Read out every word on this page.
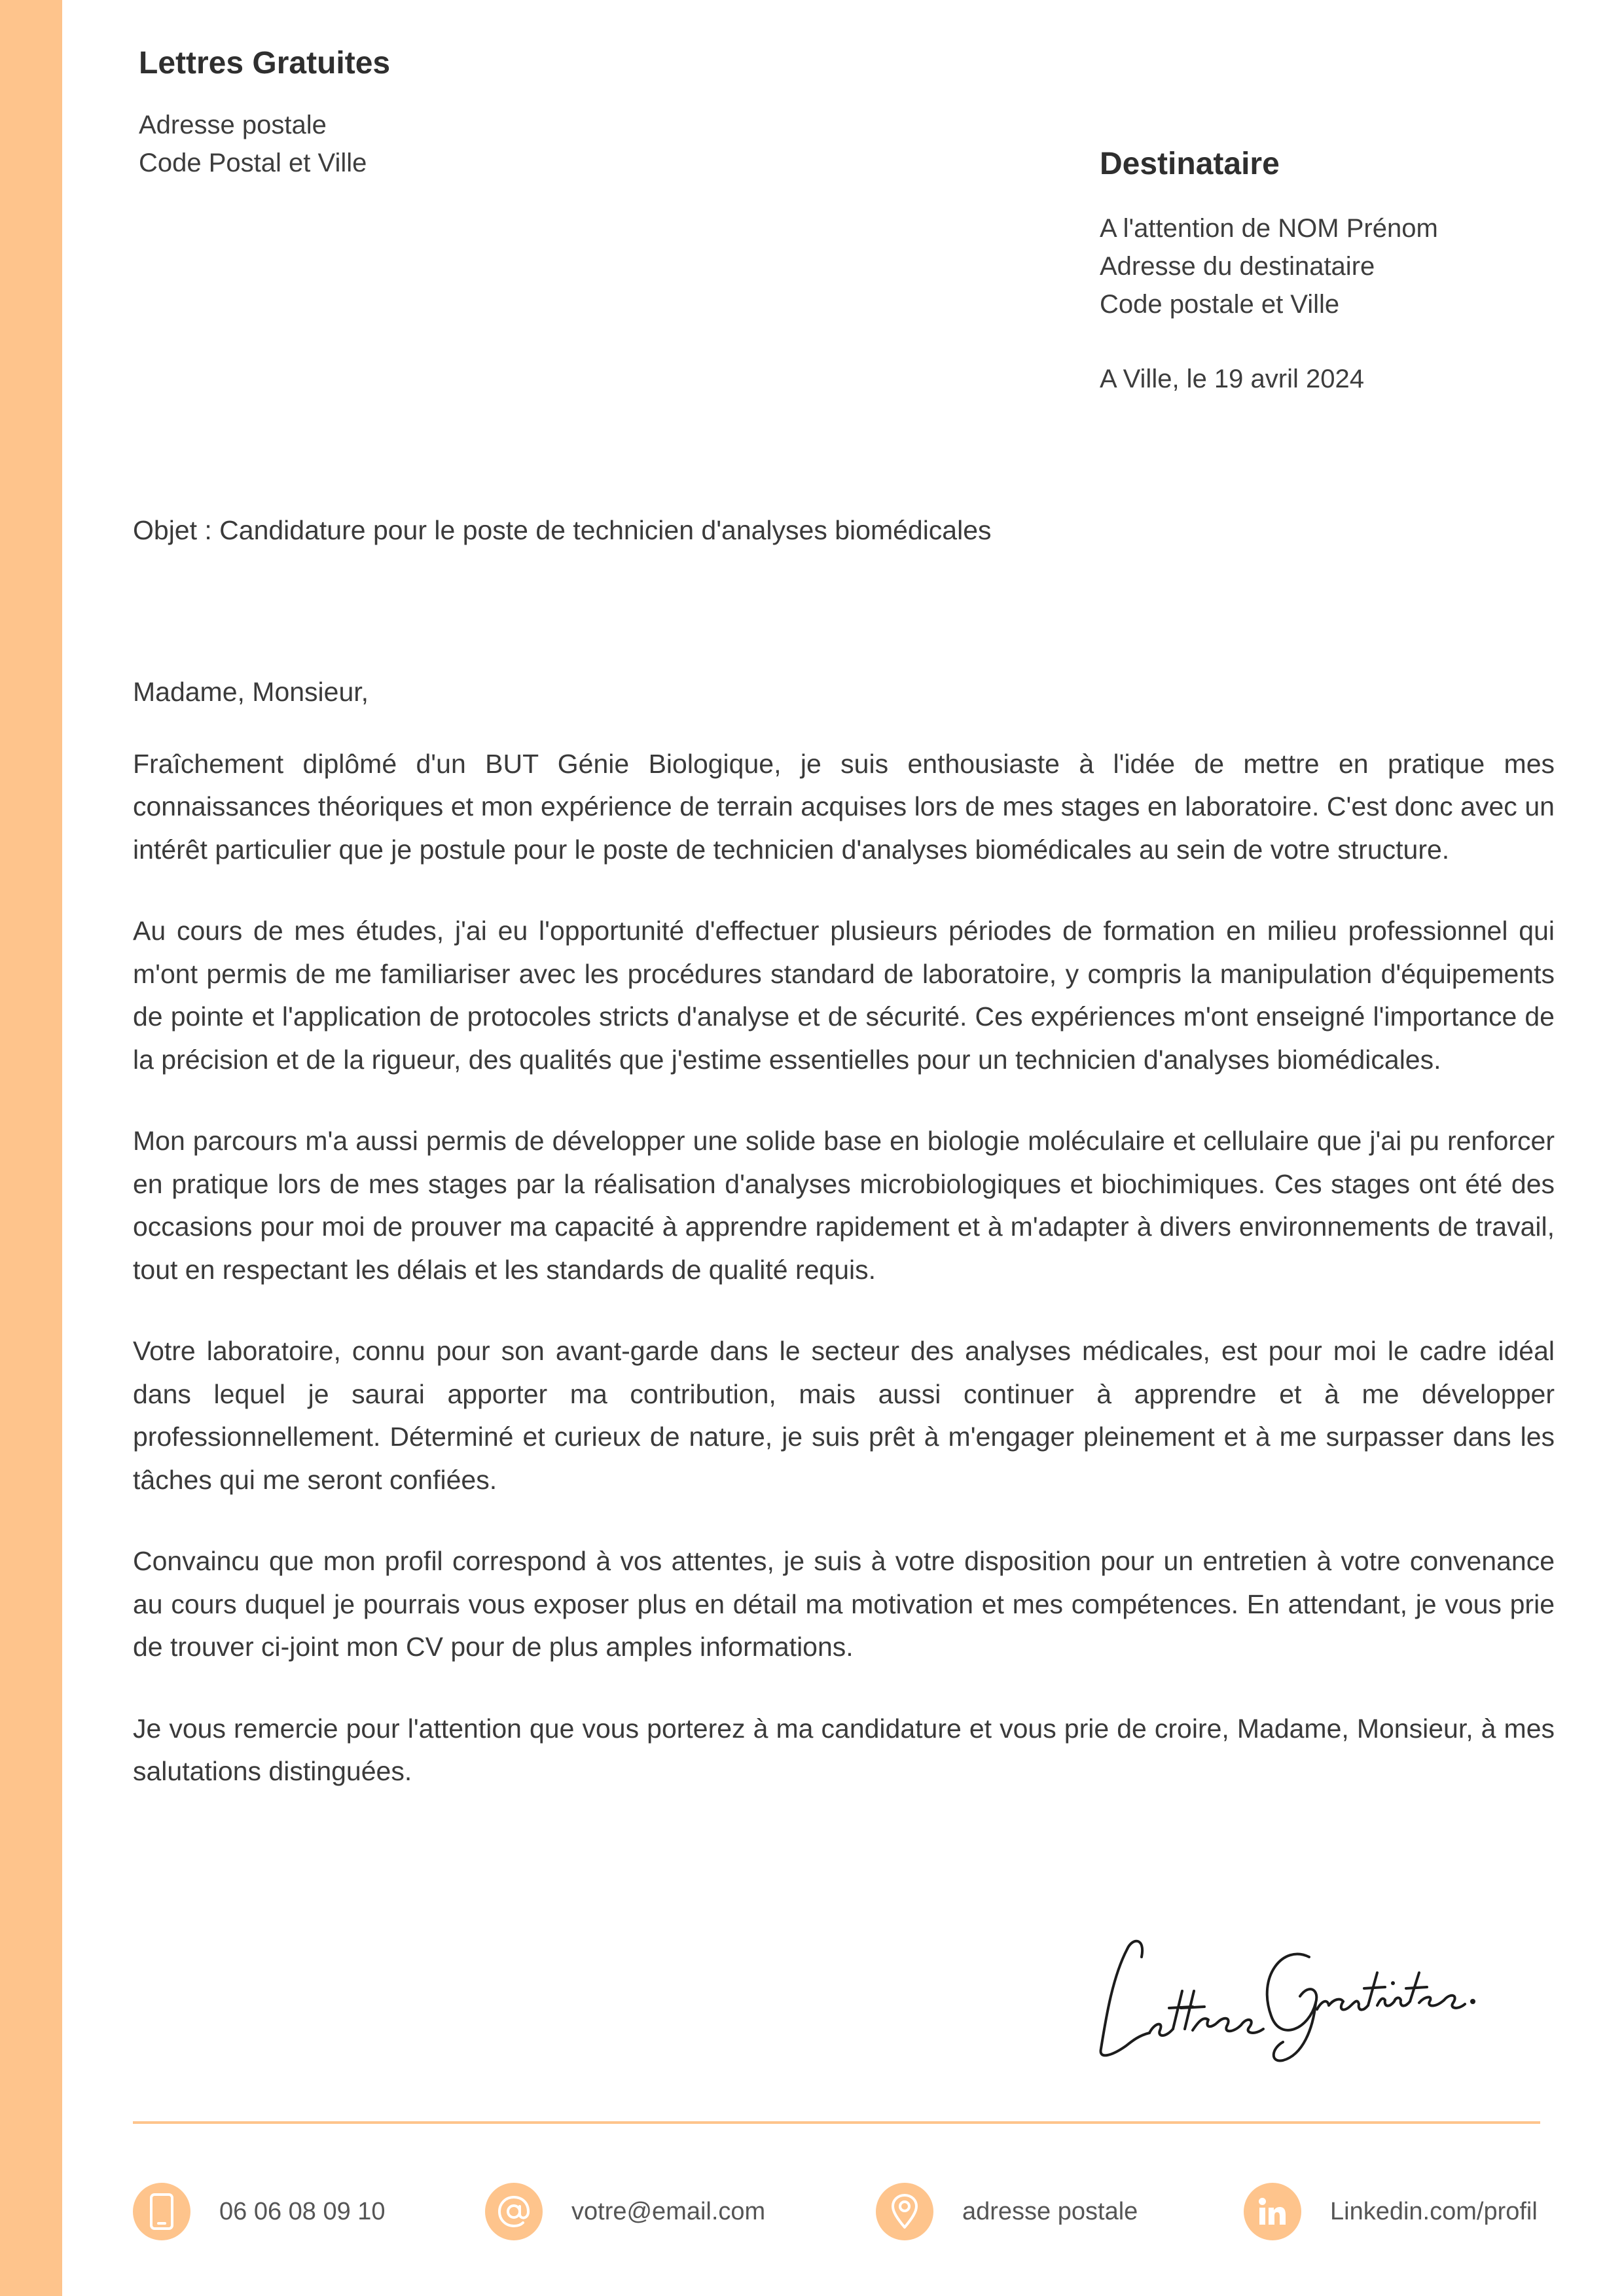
Lettres Gratuites
Adresse postale
Code Postal et Ville	Destinataire
A l'attention de NOM Prénom
Adresse du destinataire
Code postale et Ville
A Ville, le 19 avril 2024
Objet : Candidature pour le poste de technicien d'analyses biomédicales

Madame, Monsieur,

Fraîchement diplômé d'un BUT Génie Biologique, je suis enthousiaste à l'idée de mettre en pratique mes connaissances théoriques et mon expérience de terrain acquises lors de mes stages en laboratoire. C'est donc avec un intérêt particulier que je postule pour le poste de technicien d'analyses biomédicales au sein de votre structure.

Au cours de mes études, j'ai eu l'opportunité d'effectuer plusieurs périodes de formation en milieu professionnel qui m'ont permis de me familiariser avec les procédures standard de laboratoire, y compris la manipulation d'équipements de pointe et l'application de protocoles stricts d'analyse et de sécurité. Ces expériences m'ont enseigné l'importance de la précision et de la rigueur, des qualités que j'estime essentielles pour un technicien d'analyses biomédicales.

Mon parcours m'a aussi permis de développer une solide base en biologie moléculaire et cellulaire que j'ai pu renforcer en pratique lors de mes stages par la réalisation d'analyses microbiologiques et biochimiques. Ces stages ont été des occasions pour moi de prouver ma capacité à apprendre rapidement et à m'adapter à divers environnements de travail, tout en respectant les délais et les standards de qualité requis.

Votre laboratoire, connu pour son avant-garde dans le secteur des analyses médicales, est pour moi le cadre idéal dans lequel je saurai apporter ma contribution, mais aussi continuer à apprendre et à me développer professionnellement. Déterminé et curieux de nature, je suis prêt à m'engager pleinement et à me surpasser dans les tâches qui me seront confiées.

Convaincu que mon profil correspond à vos attentes, je suis à votre disposition pour un entretien à votre convenance au cours duquel je pourrais vous exposer plus en détail ma motivation et mes compétences. En attendant, je vous prie de trouver ci-joint mon CV pour de plus amples informations.

Je vous remercie pour l'attention que vous porterez à ma candidature et vous prie de croire, Madame, Monsieur, à mes salutations distinguées.

06 06 08 09 10	votre@email.com	adresse postale	Linkedin.com/profil
